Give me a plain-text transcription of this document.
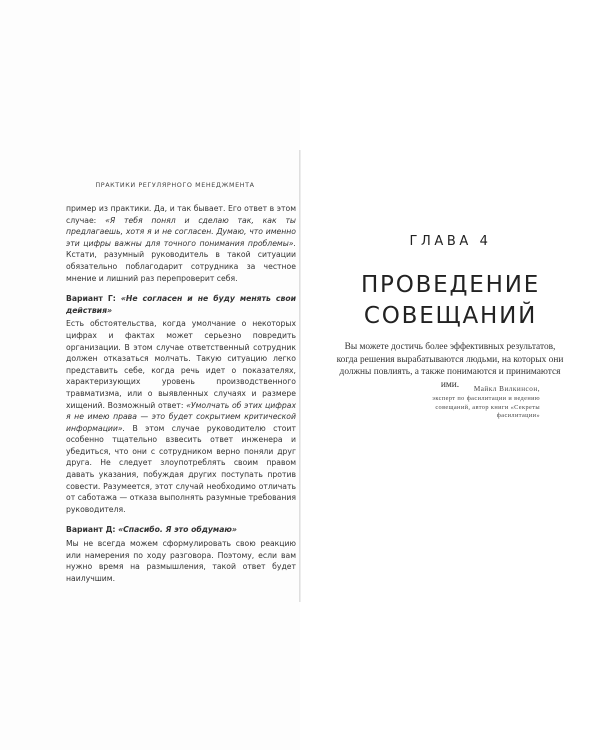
ПРАКТИКИ РЕГУЛЯРНОГО МЕНЕДЖМЕНТА

пример из практики. Да, и так бывает. Его ответ в этом случае: «Я тебя понял и сделаю так, как ты предлагаешь, хотя я и не согласен. Думаю, что именно эти цифры важны для точного понимания проблемы». Кстати, разумный руководитель в такой ситуации обязательно поблагодарит сотрудника за честное мнение и лишний раз перепроверит себя.

Вариант Г: «Не согласен и не буду менять свои действия»

Есть обстоятельства, когда умолчание о некоторых цифрах и фактах может серьезно повредить организации. В этом случае ответственный сотрудник должен отказаться молчать. Такую ситуацию легко представить себе, когда речь идет о показателях, характеризующих уровень производственного травматизма, или о выявленных случаях и размере хищений. Возможный ответ: «Умолчать об этих цифрах я не имею права — это будет сокрытием критической информации». В этом случае руководителю стоит особенно тщательно взвесить ответ инженера и убедиться, что они с сотрудником верно поняли друг друга. Не следует злоупотреблять своим правом давать указания, побуждая других поступать против совести. Разумеется, этот случай необходимо отличать от саботажа — отказа выполнять разумные требования руководителя.

Вариант Д: «Спасибо. Я это обдумаю»

Мы не всегда можем сформулировать свою реакцию или намерения по ходу разговора. Поэтому, если вам нужно время на размышления, такой ответ будет наилучшим.

ГЛАВА 4
ПРОВЕДЕНИЕ
СОВЕЩАНИЙ
Вы можете достичь более эффективных результатов, когда решения вырабатываются людьми, на которых они должны повлиять, а также понимаются и принимаются ими.	Майкл Вилкинсон,
эксперт по фасилитации и ведению
совещаний, автор книги «Секреты
фасилитации»
